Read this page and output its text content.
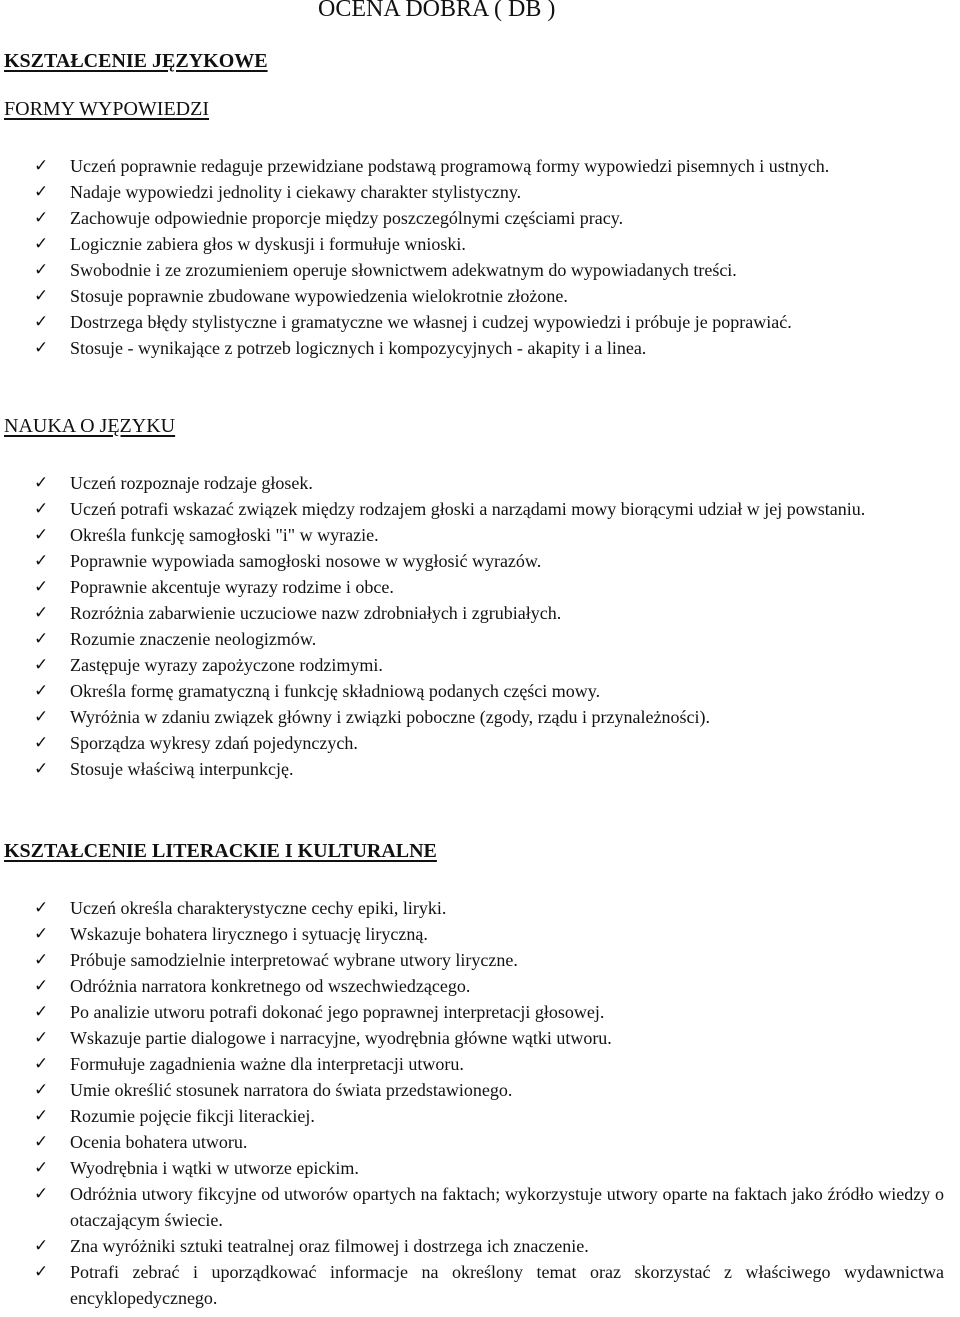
OCENA DOBRA ( DB )
KSZTAŁCENIE JĘZYKOWE
FORMY WYPOWIEDZI
✓ Uczeń poprawnie redaguje przewidziane podstawą programową formy wypowiedzi pisemnych i ustnych.
✓ Nadaje wypowiedzi jednolity i ciekawy charakter stylistyczny.
✓ Zachowuje odpowiednie proporcje między poszczególnymi częściami pracy.
✓ Logicznie zabiera głos w dyskusji i formułuje wnioski.
✓ Swobodnie i ze zrozumieniem operuje słownictwem adekwatnym do wypowiadanych treści.
✓ Stosuje poprawnie zbudowane wypowiedzenia wielokrotnie złożone.
✓ Dostrzega błędy stylistyczne i gramatyczne we własnej i cudzej wypowiedzi i próbuje je poprawiać.
✓ Stosuje - wynikające z potrzeb logicznych i kompozycyjnych - akapity i a linea.
NAUKA O JĘZYKU
✓ Uczeń rozpoznaje rodzaje głosek.
✓ Uczeń potrafi wskazać związek między rodzajem głoski a narządami mowy biorącymi udział w jej powstaniu.
✓ Określa funkcję samogłoski "i" w wyrazie.
✓ Poprawnie wypowiada samogłoski nosowe w wygłosić wyrazów.
✓ Poprawnie akcentuje wyrazy rodzime i obce.
✓ Rozróżnia zabarwienie uczuciowe nazw zdrobniałych i zgrubiałych.
✓ Rozumie znaczenie neologizmów.
✓ Zastępuje wyrazy zapożyczone rodzimymi.
✓ Określa formę gramatyczną i funkcję składniową podanych części mowy.
✓ Wyróżnia w zdaniu związek główny i związki poboczne (zgody, rządu i przynależności).
✓ Sporządza wykresy zdań pojedynczych.
✓ Stosuje właściwą interpunkcję.
KSZTAŁCENIE LITERACKIE I KULTURALNE
✓ Uczeń określa charakterystyczne cechy epiki, liryki.
✓ Wskazuje bohatera lirycznego i sytuację liryczną.
✓ Próbuje samodzielnie interpretować wybrane utwory liryczne.
✓ Odróżnia narratora konkretnego od wszechwiedzącego.
✓ Po analizie utworu potrafi dokonać jego poprawnej interpretacji głosowej.
✓ Wskazuje partie dialogowe i narracyjne, wyodrębnia główne wątki utworu.
✓ Formułuje zagadnienia ważne dla interpretacji utworu.
✓ Umie określić stosunek narratora do świata przedstawionego.
✓ Rozumie pojęcie fikcji literackiej.
✓ Ocenia bohatera utworu.
✓ Wyodrębnia i wątki w utworze epickim.
✓ Odróżnia utwory fikcyjne od utworów opartych na faktach; wykorzystuje utwory oparte na faktach jako źródło wiedzy o otaczającym świecie.
✓ Zna wyróżniki sztuki teatralnej oraz filmowej i dostrzega ich znaczenie.
✓ Potrafi zebrać i uporządkować informacje na określony temat oraz skorzystać z właściwego wydawnictwa encyklopedycznego.
